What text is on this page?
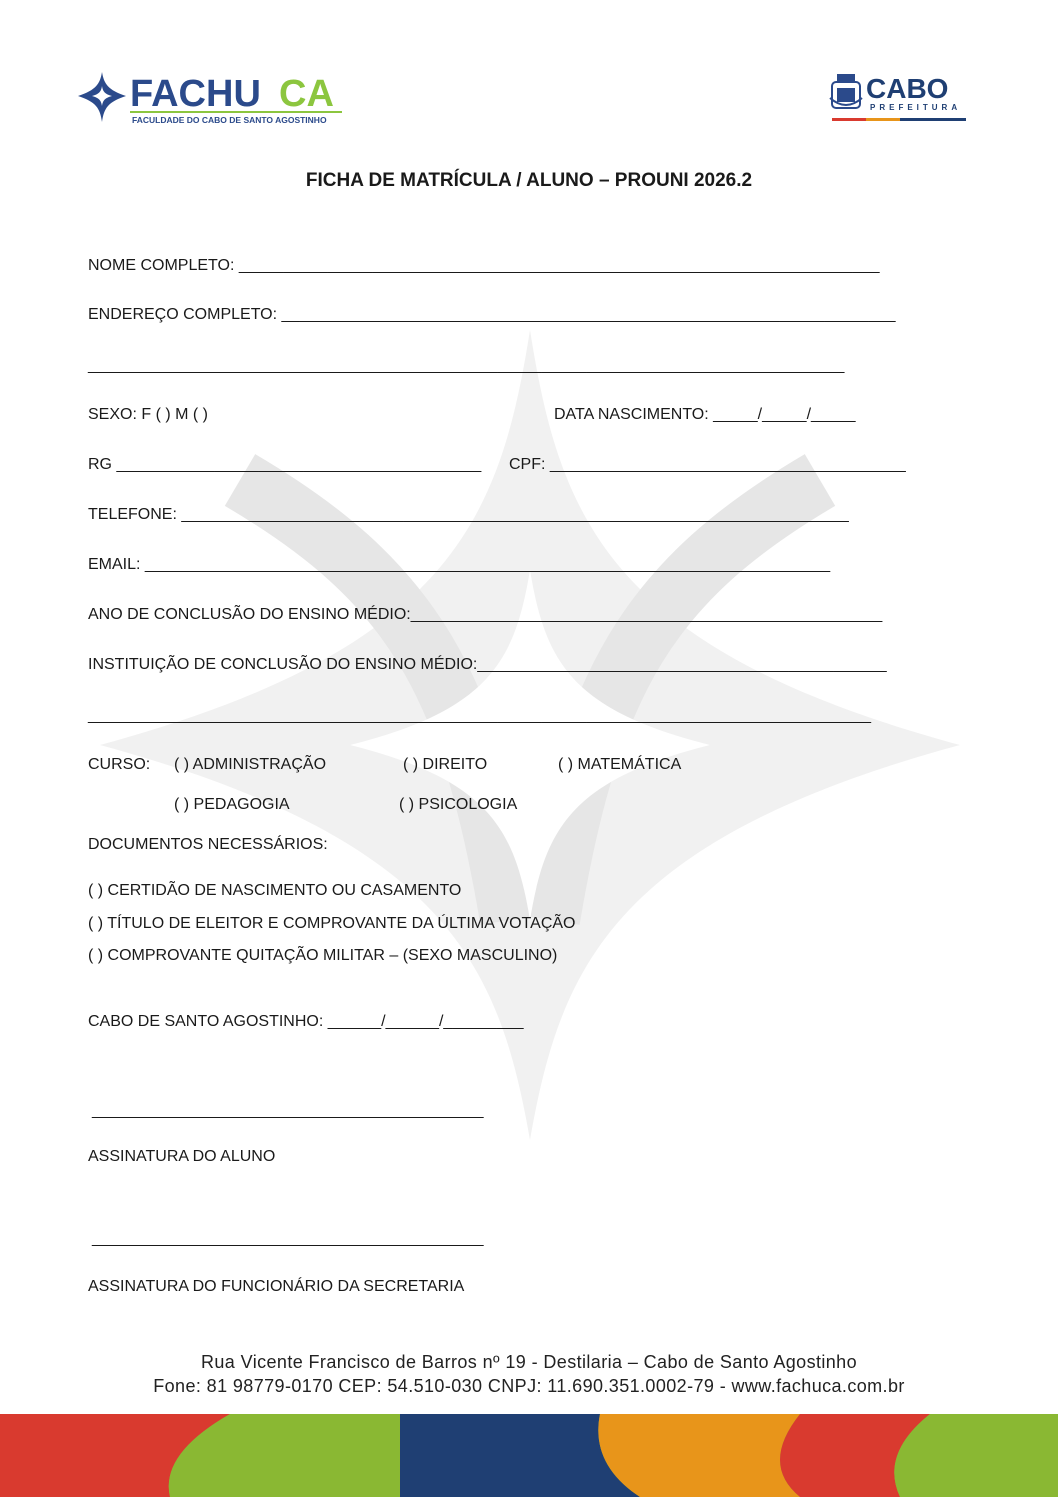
FACHU CA
FACULDADE DO CABO DE SANTO AGOSTINHO
CABO
PREFEITURA
FICHA DE MATRÍCULA / ALUNO – PROUNI 2026.2
NOME COMPLETO: ________________________________________________________________________
ENDEREÇO COMPLETO: _____________________________________________________________________
_____________________________________________________________________________________
SEXO: F ( ) M ( )	DATA NASCIMENTO: _____/_____/_____
RG _________________________________________ CPF: ________________________________________
TELEFONE: ___________________________________________________________________________
EMAIL: _____________________________________________________________________________
ANO DE CONCLUSÃO DO ENSINO MÉDIO:_____________________________________________________
INSTITUIÇÃO DE CONCLUSÃO DO ENSINO MÉDIO:______________________________________________
________________________________________________________________________________________
CURSO: ( ) ADMINISTRAÇÃO	( ) DIREITO	( ) MATEMÁTICA
( ) PEDAGOGIA	( ) PSICOLOGIA
DOCUMENTOS NECESSÁRIOS:
( ) CERTIDÃO DE NASCIMENTO OU CASAMENTO
( ) TÍTULO DE ELEITOR E COMPROVANTE DA ÚLTIMA VOTAÇÃO
( ) COMPROVANTE QUITAÇÃO MILITAR – (SEXO MASCULINO)
CABO DE SANTO AGOSTINHO: ______/______/_________
____________________________________________
ASSINATURA DO ALUNO
____________________________________________
ASSINATURA DO FUNCIONÁRIO DA SECRETARIA
Rua Vicente Francisco de Barros nº 19 - Destilaria – Cabo de Santo Agostinho
Fone: 81 98779-0170 CEP: 54.510-030 CNPJ: 11.690.351.0002-79 - www.fachuca.com.br
